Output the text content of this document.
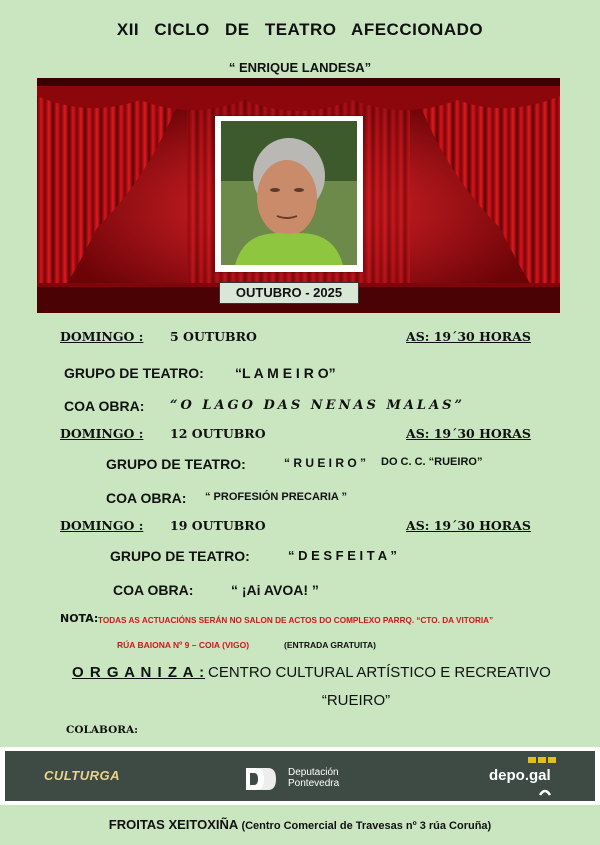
XII CICLO DE TEATRO AFECCIONADO
“ ENRIQUE LANDESA”
OUTUBRO - 2025
DOMINGO : 5 OUTUBRO	AS: 19´30 HORAS
GRUPO DE TEATRO: “L A M E I R O”
COA OBRA: “O LAGO DAS NENAS MALAS”
DOMINGO : 12 OUTUBRO	AS: 19´30 HORAS
GRUPO DE TEATRO:	“ R U E I R O ” DO C. C. “RUEIRO”
COA OBRA: “ PROFESIÓN PRECARIA ”
DOMINGO : 19 OUTUBRO	AS: 19´30 HORAS
GRUPO DE TEATRO:	“ D E S F E I T A ”
COA OBRA:	“ ¡Ai AVOA! ”
NOTA: TODAS AS ACTUACIÓNS SERÁN NO SALON DE ACTOS DO COMPLEXO PARRQ. “CTO. DA VITORIA”
RÚA BAIONA Nº 9 – COIA (VIGO)	(ENTRADA GRATUITA)
O R G A N I Z A : CENTRO CULTURAL ARTÍSTICO E RECREATIVO
“RUEIRO”
COLABORA:
CULTURGA	Deputación
Pontevedra	depo.gal
FROITAS XEITOXIÑA (Centro Comercial de Travesas nº 3 rúa Coruña)
